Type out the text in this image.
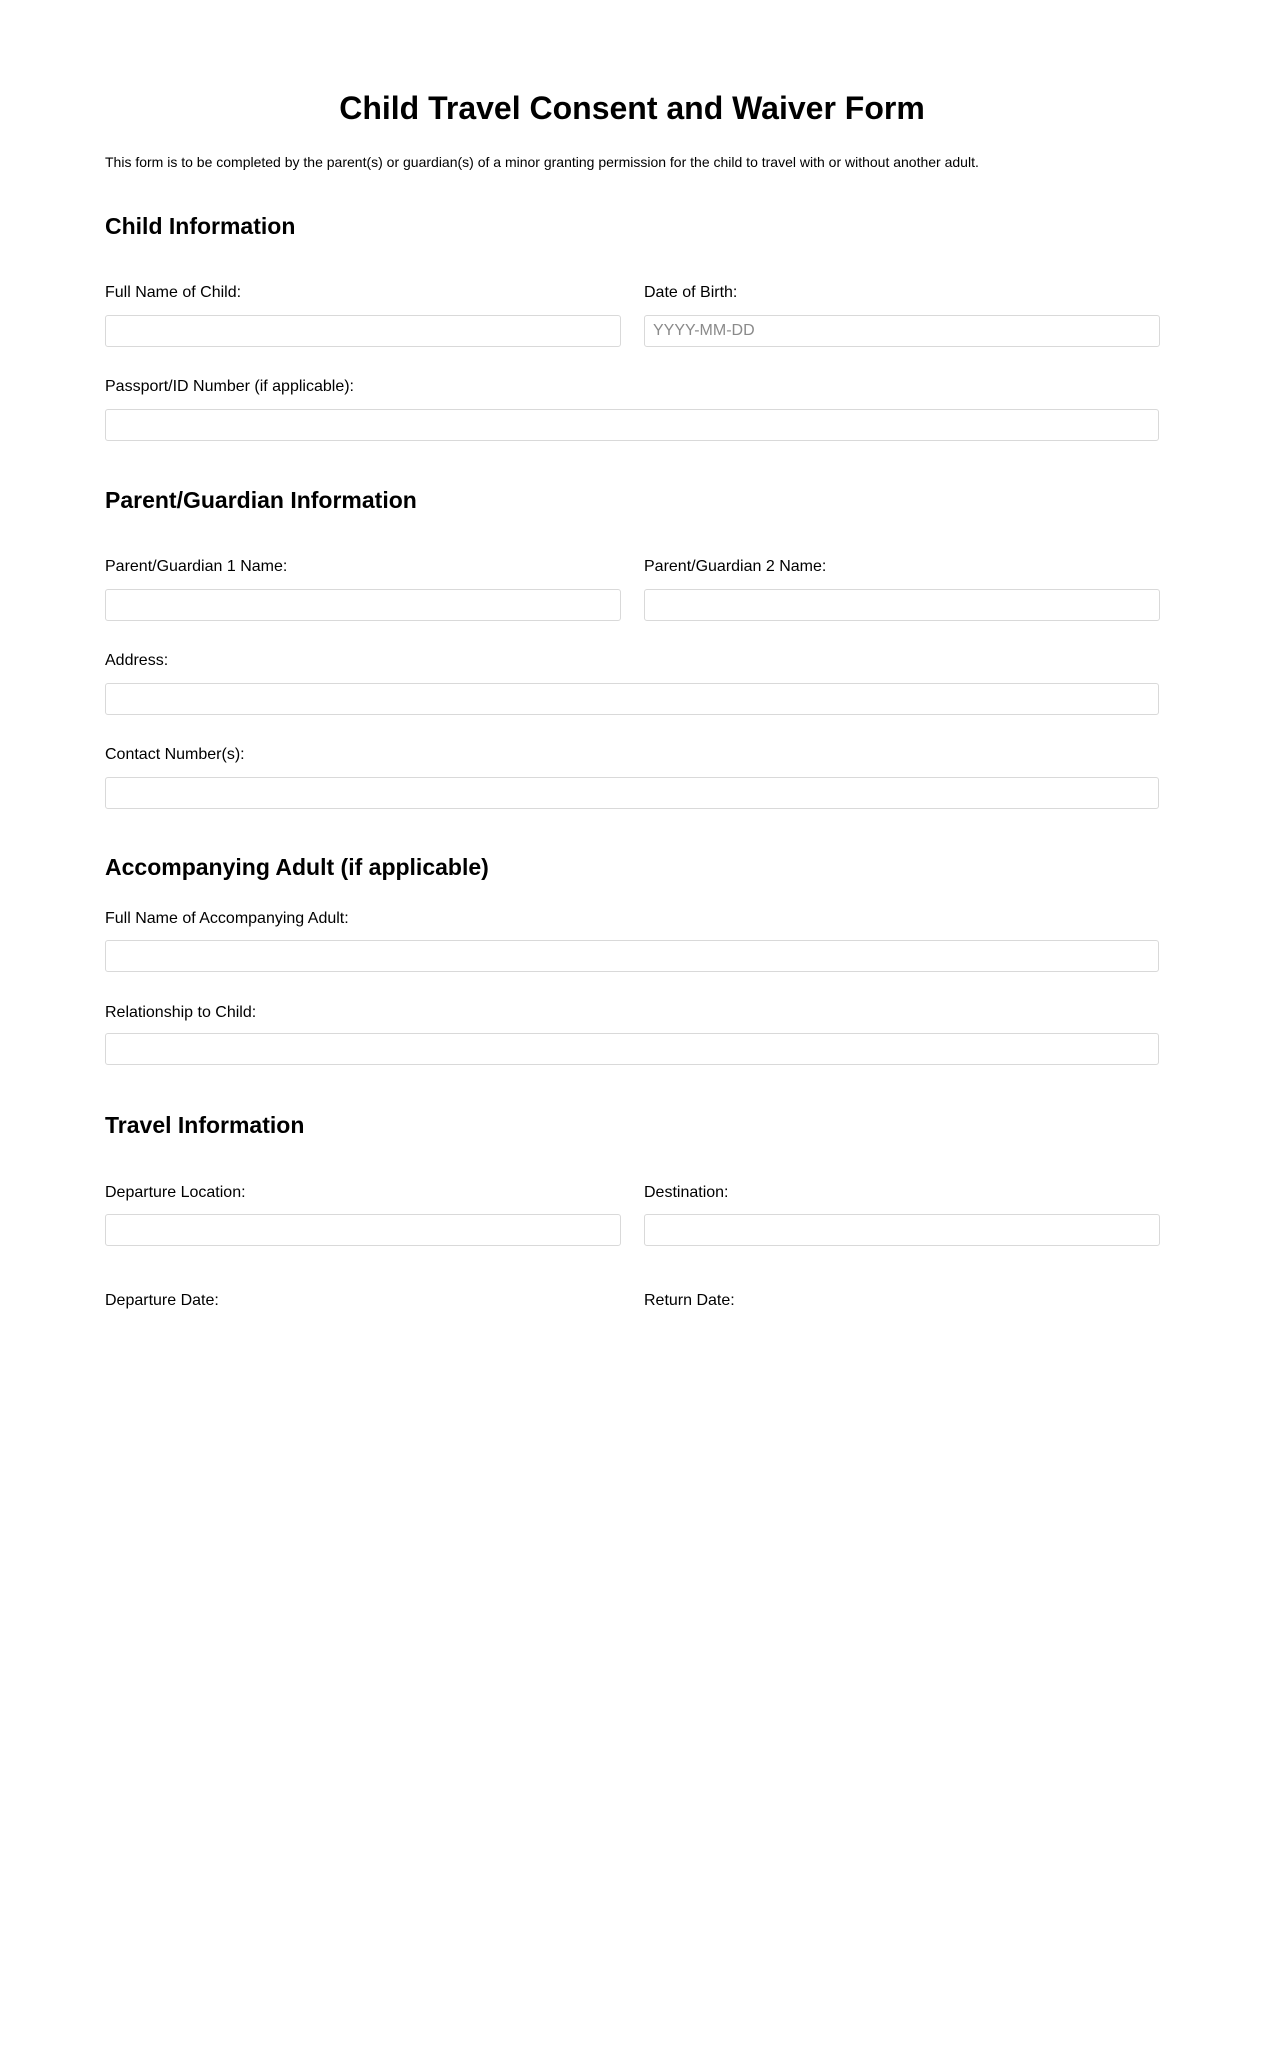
Child Travel Consent and Waiver Form

This form is to be completed by the parent(s) or guardian(s) of a minor granting permission for the child to travel with or without another adult.

Child Information
Full Name of Child:	Date of Birth:
YYYY-MM-DD
Passport/ID Number (if applicable):
Parent/Guardian Information
Parent/Guardian 1 Name:	Parent/Guardian 2 Name:
Address:
Contact Number(s):
Accompanying Adult (if applicable)
Full Name of Accompanying Adult:
Relationship to Child:
Travel Information
Departure Location:	Destination:
Departure Date:	Return Date:
